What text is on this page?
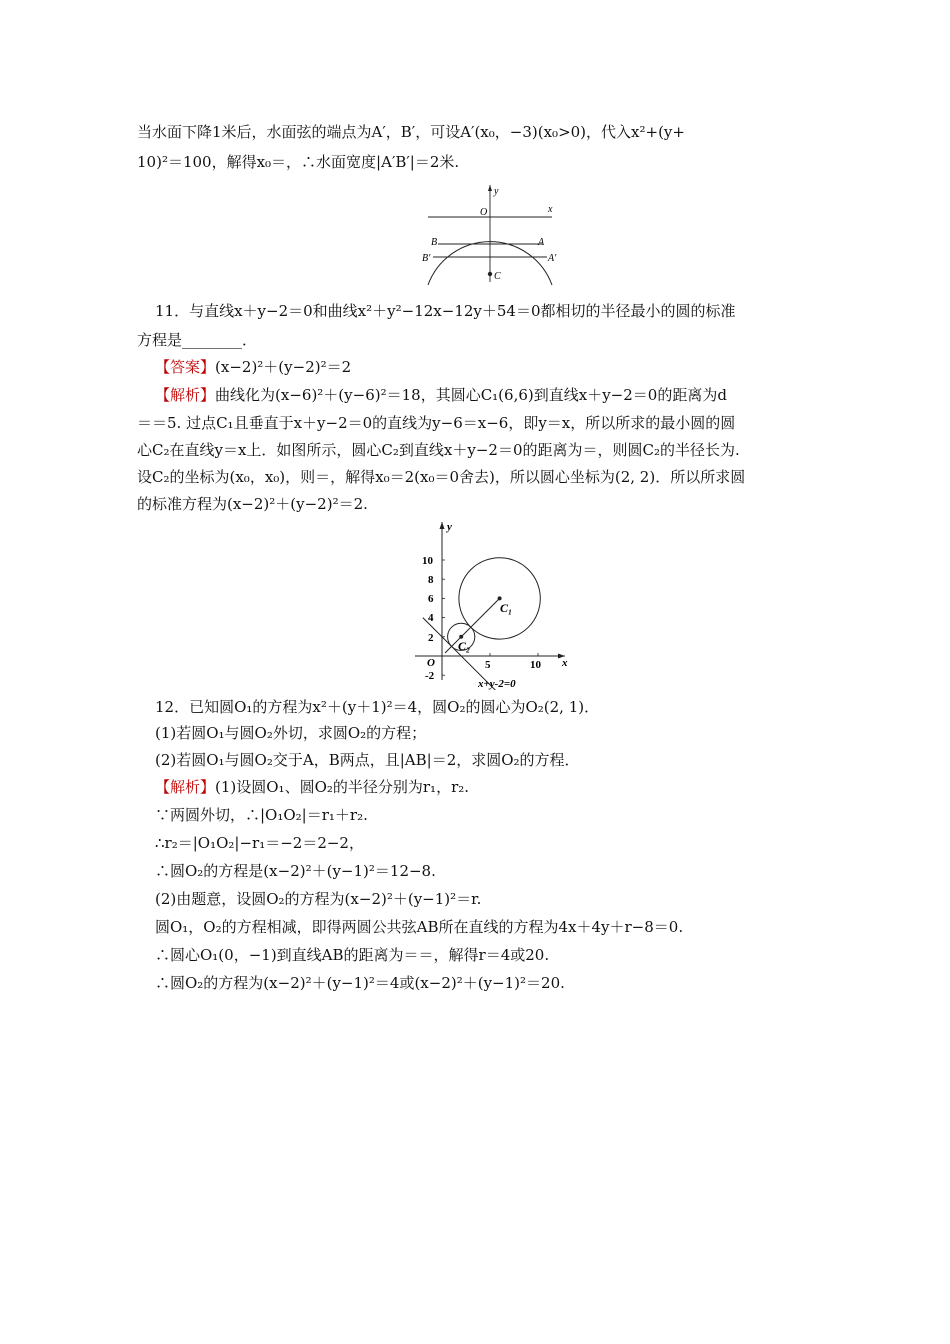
当水面下降1米后，水面弦的端点为A′，B′，可设A′(x₀，−3)(x₀>0)，代入x²+(y+
10)²＝100，解得x₀＝，∴水面宽度|A′B′|＝2米.
y
x
O
B	A
B′	A′
C
11．与直线x＋y−2＝0和曲线x²＋y²−12x−12y＋54＝0都相切的半径最小的圆的标准
方程是________．
【答案】(x−2)²＋(y−2)²＝2
【解析】曲线化为(x−6)²＋(y−6)²＝18，其圆心C₁(6,6)到直线x＋y−2＝0的距离为d
＝＝5. 过点C₁且垂直于x＋y−2＝0的直线为y−6＝x−6，即y＝x，所以所求的最小圆的圆
心C₂在直线y＝x上．如图所示，圆心C₂到直线x＋y−2＝0的距离为＝，则圆C₂的半径长为.
设C₂的坐标为(x₀，x₀)，则＝，解得x₀＝2(x₀＝0舍去)，所以圆心坐标为(2, 2)．所以所求圆
的标准方程为(x−2)²＋(y−2)²＝2.
y
x
O
10
8
6
4
2
-2
5	10
C₁
C₂
x+y-2=0
12．已知圆O₁的方程为x²＋(y＋1)²＝4，圆O₂的圆心为O₂(2, 1)．
(1)若圆O₁与圆O₂外切，求圆O₂的方程；
(2)若圆O₁与圆O₂交于A，B两点，且|AB|＝2，求圆O₂的方程．
【解析】(1)设圆O₁、圆O₂的半径分别为r₁，r₂.
∵两圆外切，∴|O₁O₂|＝r₁＋r₂.
∴r₂＝|O₁O₂|−r₁＝−2＝2−2，
∴圆O₂的方程是(x−2)²＋(y−1)²＝12−8.
(2)由题意，设圆O₂的方程为(x−2)²＋(y−1)²＝r.
圆O₁，O₂的方程相减，即得两圆公共弦AB所在直线的方程为4x＋4y＋r−8＝0.
∴圆心O₁(0，−1)到直线AB的距离为＝＝，解得r＝4或20.
∴圆O₂的方程为(x−2)²＋(y−1)²＝4或(x−2)²＋(y−1)²＝20.
